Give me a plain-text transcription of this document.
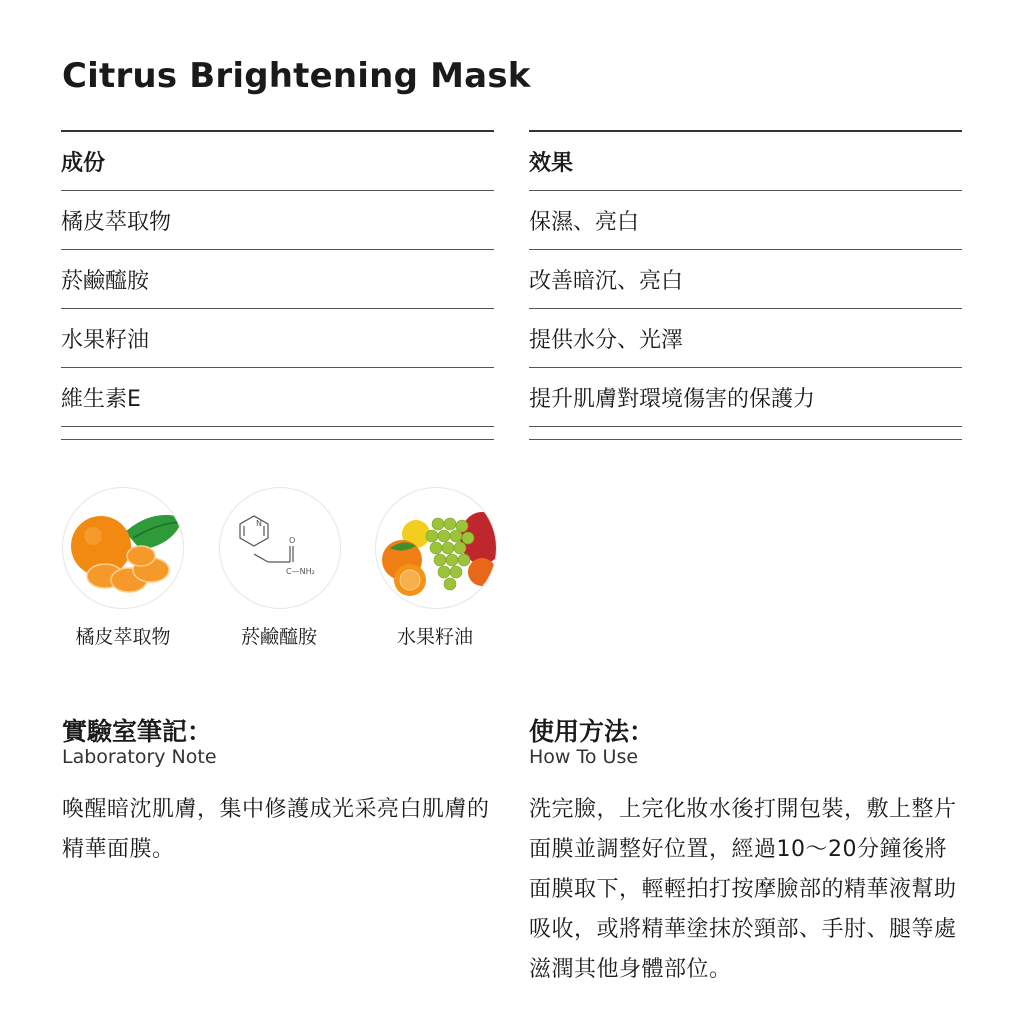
Citrus Brightening Mask
成份
橘皮萃取物
菸鹼醯胺
水果籽油
維生素E
效果
保濕、亮白
改善暗沉、亮白
提供水分、光澤
提升肌膚對環境傷害的保護力
橘皮萃取物
N
O
C—NH₂
菸鹼醯胺	水果籽油
實驗室筆記：
Laboratory Note

喚醒暗沈肌膚，集中修護成光采亮白肌膚的精華面膜。

使用方法：
How To Use

洗完臉，上完化妝水後打開包裝，敷上整片面膜並調整好位置，經過10～20分鐘後將面膜取下，輕輕拍打按摩臉部的精華液幫助吸收，或將精華塗抹於頸部、手肘、腿等處滋潤其他身體部位。
